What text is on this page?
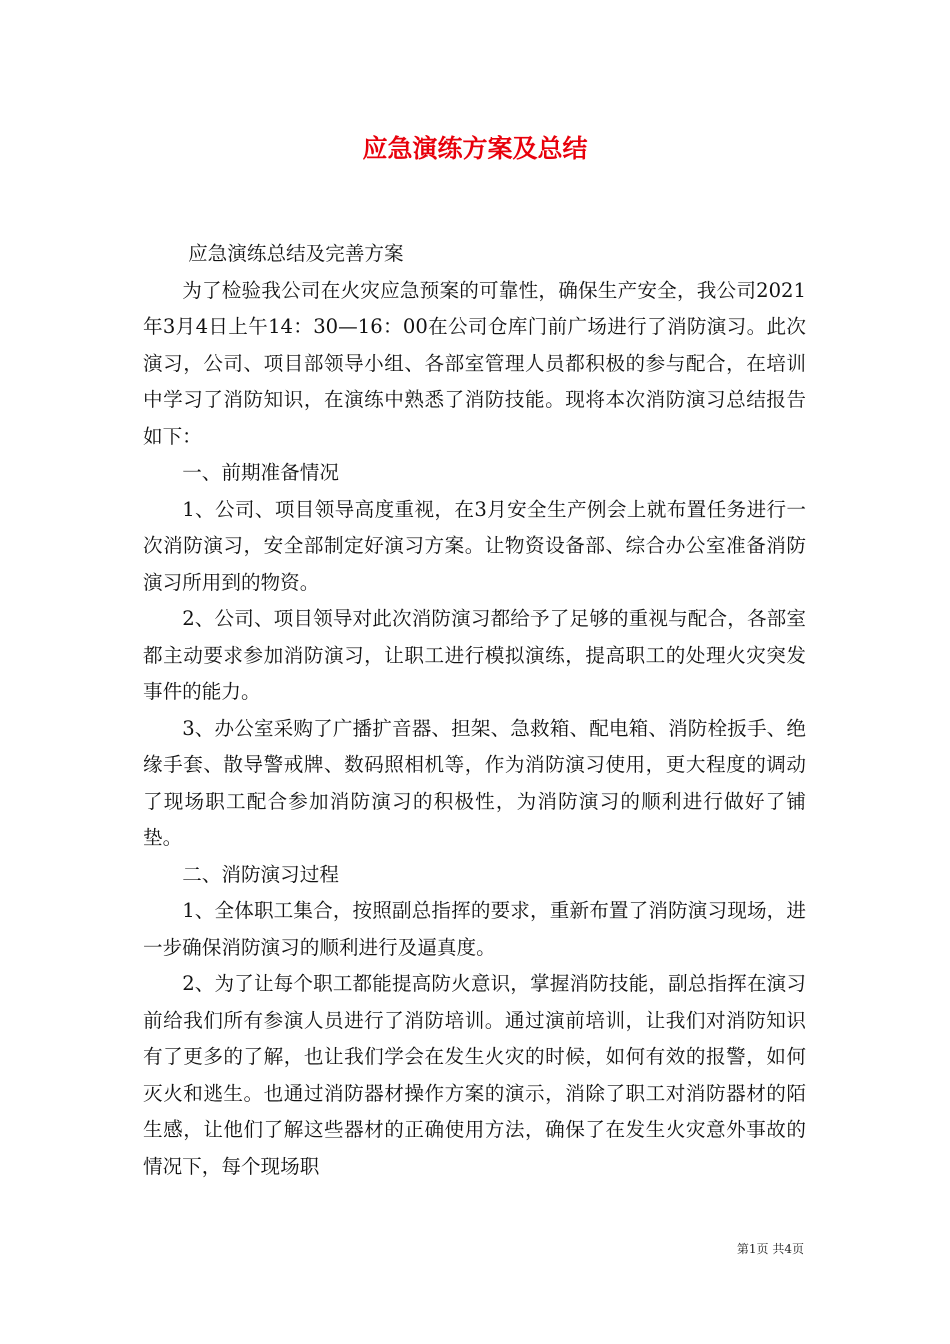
应急演练方案及总结

应急演练总结及完善方案

为了检验我公司在火灾应急预案的可靠性，确保生产安全，我公司2021年3月4日上午14：30—16：00在公司仓库门前广场进行了消防演习。此次演习，公司、项目部领导小组、各部室管理人员都积极的参与配合，在培训中学习了消防知识，在演练中熟悉了消防技能。现将本次消防演习总结报告如下：

一、前期准备情况

1、公司、项目领导高度重视，在3月安全生产例会上就布置任务进行一次消防演习，安全部制定好演习方案。让物资设备部、综合办公室准备消防演习所用到的物资。

2、公司、项目领导对此次消防演习都给予了足够的重视与配合，各部室都主动要求参加消防演习，让职工进行模拟演练，提高职工的处理火灾突发事件的能力。

3、办公室采购了广播扩音器、担架、急救箱、配电箱、消防栓扳手、绝缘手套、散导警戒牌、数码照相机等，作为消防演习使用，更大程度的调动了现场职工配合参加消防演习的积极性，为消防演习的顺利进行做好了铺垫。

二、消防演习过程

1、全体职工集合，按照副总指挥的要求，重新布置了消防演习现场，进一步确保消防演习的顺利进行及逼真度。

2、为了让每个职工都能提高防火意识，掌握消防技能，副总指挥在演习前给我们所有参演人员进行了消防培训。通过演前培训，让我们对消防知识有了更多的了解，也让我们学会在发生火灾的时候，如何有效的报警，如何灭火和逃生。也通过消防器材操作方案的演示，消除了职工对消防器材的陌生感，让他们了解这些器材的正确使用方法，确保了在发生火灾意外事故的情况下，每个现场职

第1页 共4页
